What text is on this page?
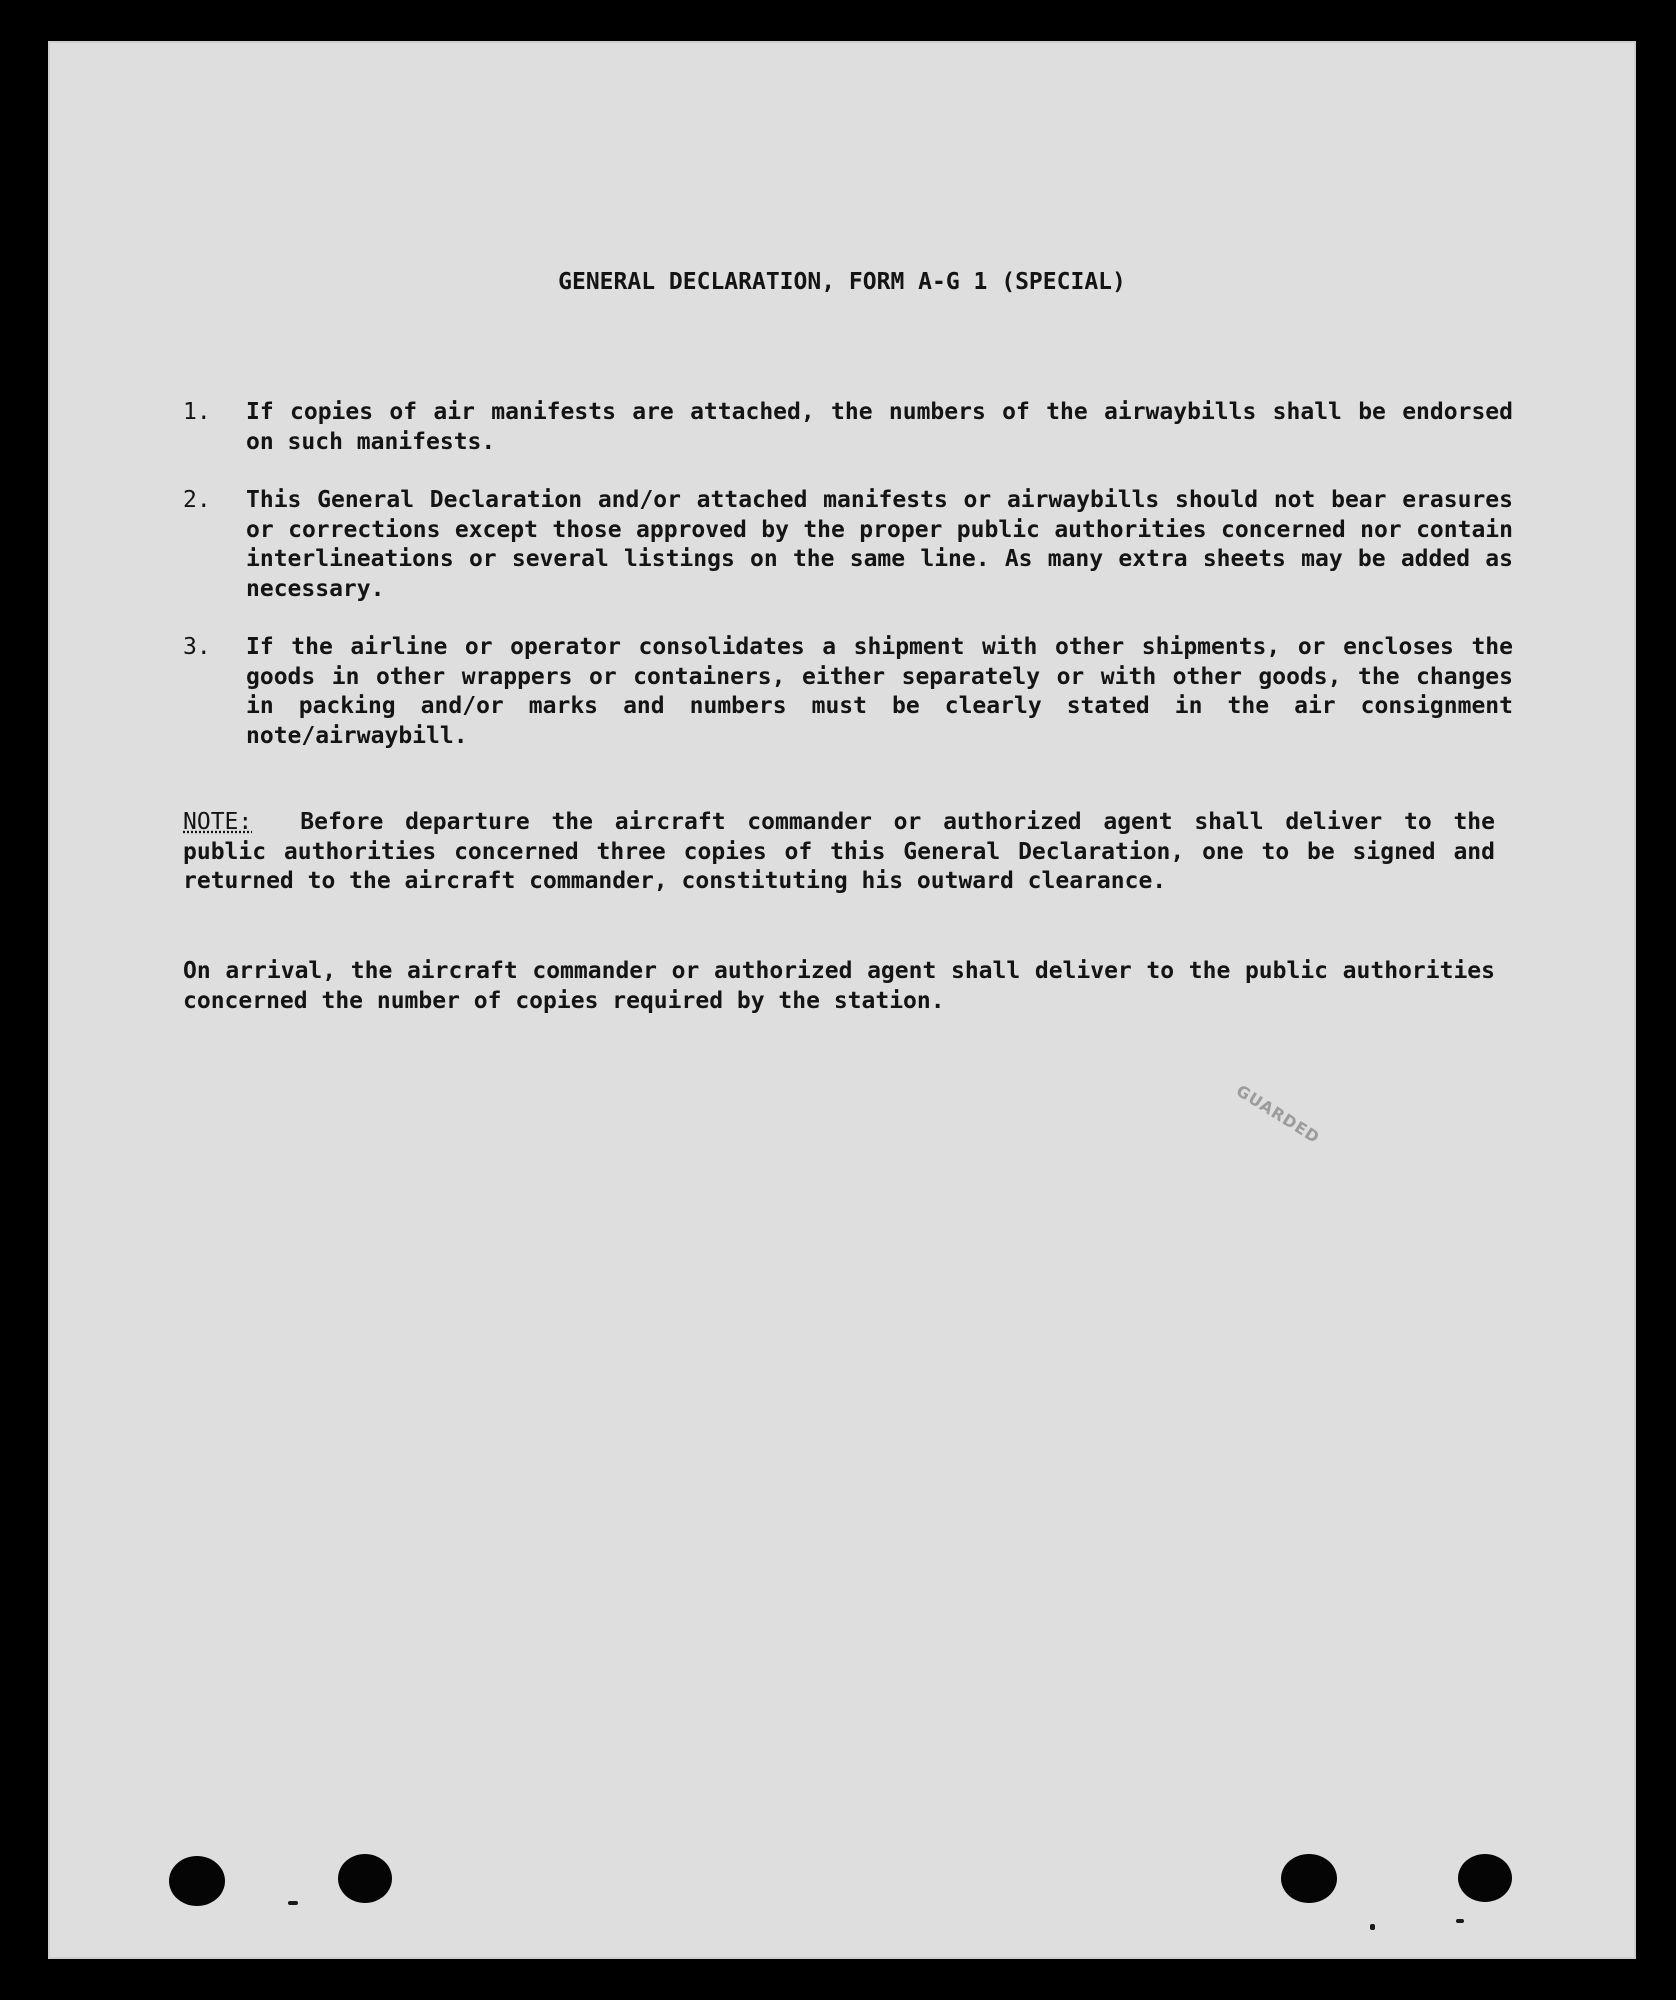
GENERAL DECLARATION, FORM A-G 1 (SPECIAL)
1.	If copies of air manifests are attached, the numbers of the airwaybills shall be endorsed on such manifests.
2.	This General Declaration and/or attached manifests or airwaybills should not bear erasures or corrections except those approved by the proper public authorities concerned nor contain interlineations or several listings on the same line. As many extra sheets may be added as necessary.
3.	If the airline or operator consolidates a shipment with other shipments, or encloses the goods in other wrappers or containers, either separately or with other goods, the changes in packing and/or marks and numbers must be clearly stated in the air consignment note/airwaybill.
NOTE: Before departure the aircraft commander or authorized agent shall deliver to the public authorities concerned three copies of this General Declaration, one to be signed and returned to the aircraft commander, constituting his outward clearance.
On arrival, the aircraft commander or authorized agent shall deliver to the public authorities concerned the number of copies required by the station.
GUARDED
